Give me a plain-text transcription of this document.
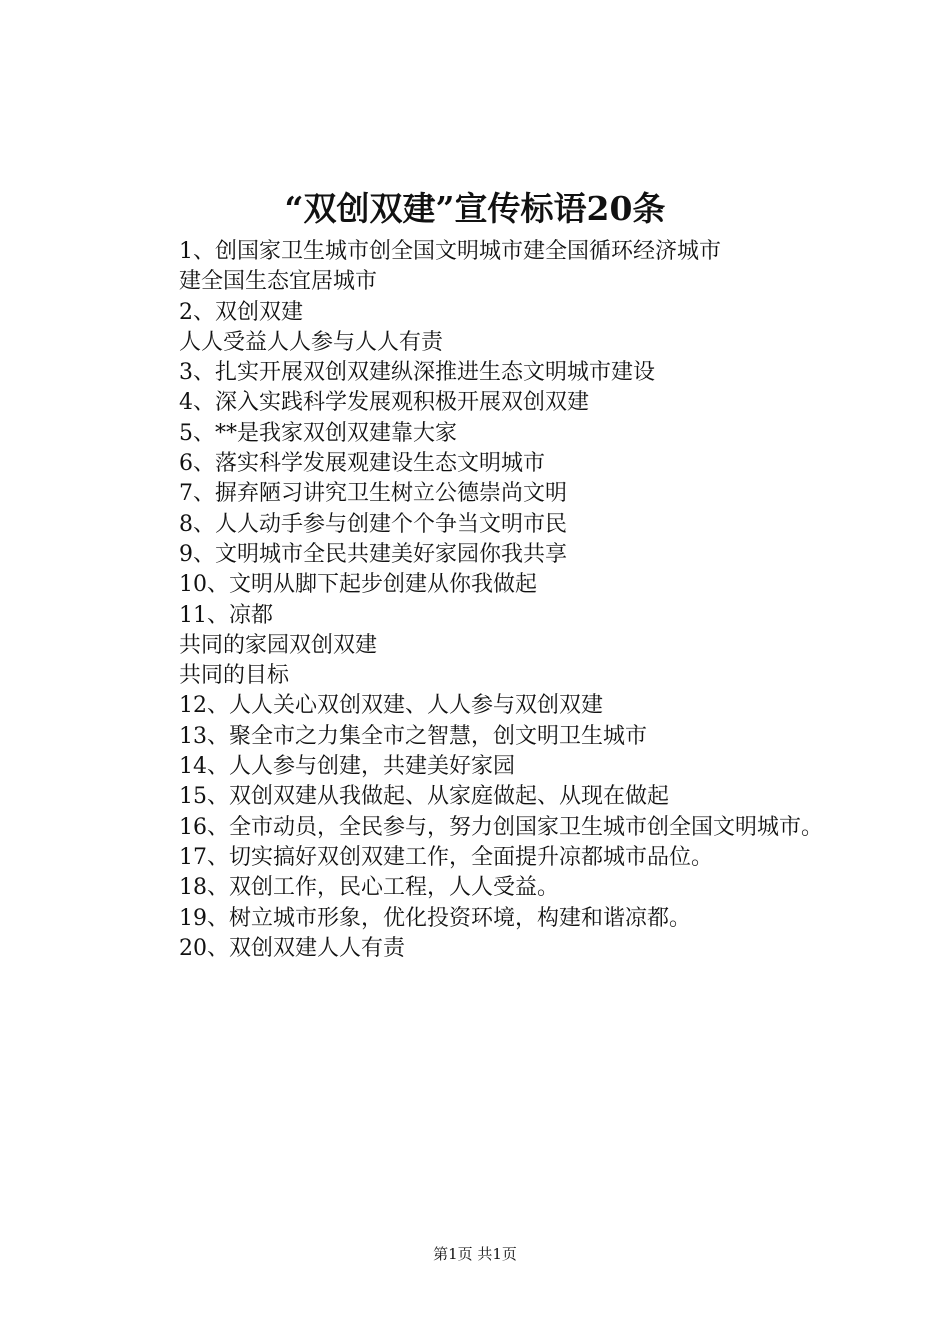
“双创双建”宣传标语20条
1、创国家卫生城市创全国文明城市建全国循环经济城市
建全国生态宜居城市
2、双创双建
人人受益人人参与人人有责
3、扎实开展双创双建纵深推进生态文明城市建设
4、深入实践科学发展观积极开展双创双建
5、**是我家双创双建靠大家
6、落实科学发展观建设生态文明城市
7、摒弃陋习讲究卫生树立公德崇尚文明
8、人人动手参与创建个个争当文明市民
9、文明城市全民共建美好家园你我共享
10、文明从脚下起步创建从你我做起
11、凉都
共同的家园双创双建
共同的目标
12、人人关心双创双建、人人参与双创双建
13、聚全市之力集全市之智慧，创文明卫生城市
14、人人参与创建，共建美好家园
15、双创双建从我做起、从家庭做起、从现在做起
16、全市动员，全民参与，努力创国家卫生城市创全国文明城市。
17、切实搞好双创双建工作，全面提升凉都城市品位。
18、双创工作，民心工程，人人受益。
19、树立城市形象，优化投资环境，构建和谐凉都。
20、双创双建人人有责
第1页 共1页
